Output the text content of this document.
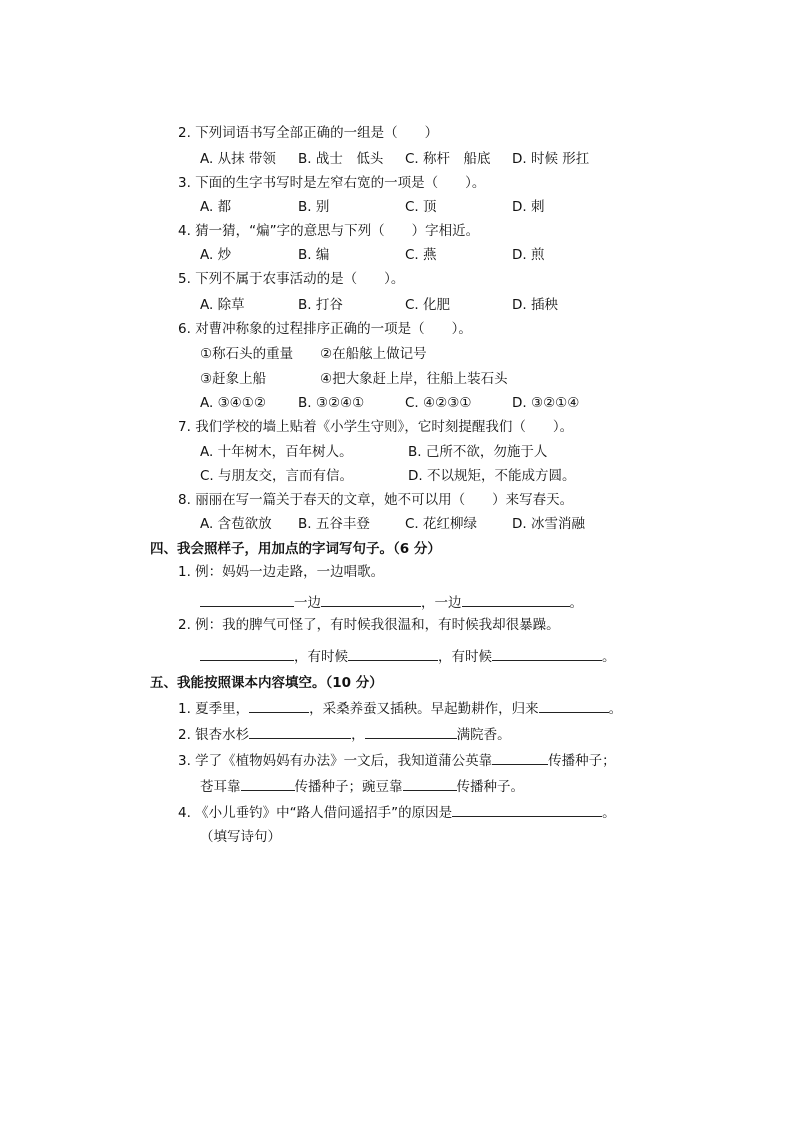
2. 下列词语书写全部正确的一组是（　　）
A. 从抹 带领 B. 战士　低头 C. 称杆　船底 D. 时候 形扛
3. 下面的生字书写时是左窄右宽的一项是（　　）。
A. 都	B. 别	C. 顶	D. 刺
4. 猜一猜，“煸”字的意思与下列（　　）字相近。
A. 炒	B. 编	C. 燕	D. 煎
5. 下列不属于农事活动的是（　　）。
A. 除草	B. 打谷	C. 化肥	D. 插秧
6. 对曹冲称象的过程排序正确的一项是（　　）。
①称石头的重量 ②在船舷上做记号
③赶象上船	④把大象赶上岸，往船上装石头
A. ③④①② B. ③②④①	C. ④②③①	D. ③②①④
7. 我们学校的墙上贴着《小学生守则》，它时刻提醒我们（　　）。
A. 十年树木，百年树人。	B. 己所不欲，勿施于人
C. 与朋友交，言而有信。	D. 不以规矩，不能成方圆。
8. 丽丽在写一篇关于春天的文章，她不可以用（　　）来写春天。
A. 含苞欲放 B. 五谷丰登	C. 花红柳绿	D. 冰雪消融
四、我会照样子，用加点的字词写句子。（6 分）
1. 例：妈妈一边走路，一边唱歌。
一边	，一边	。
2. 例：我的脾气可怪了，有时候我很温和，有时候我却很暴躁。
，有时候	，有时候	。
五、我能按照课本内容填空。（10 分）
1. 夏季里，	，采桑养蚕又插秧。早起勤耕作，归来	。
2. 银杏水杉	，	满院香。
3. 学了《植物妈妈有办法》一文后，我知道蒲公英靠	传播种子；
苍耳靠	传播种子；豌豆靠	传播种子。
4. 《小儿垂钓》中“路人借问遥招手”的原因是	。
（填写诗句）
